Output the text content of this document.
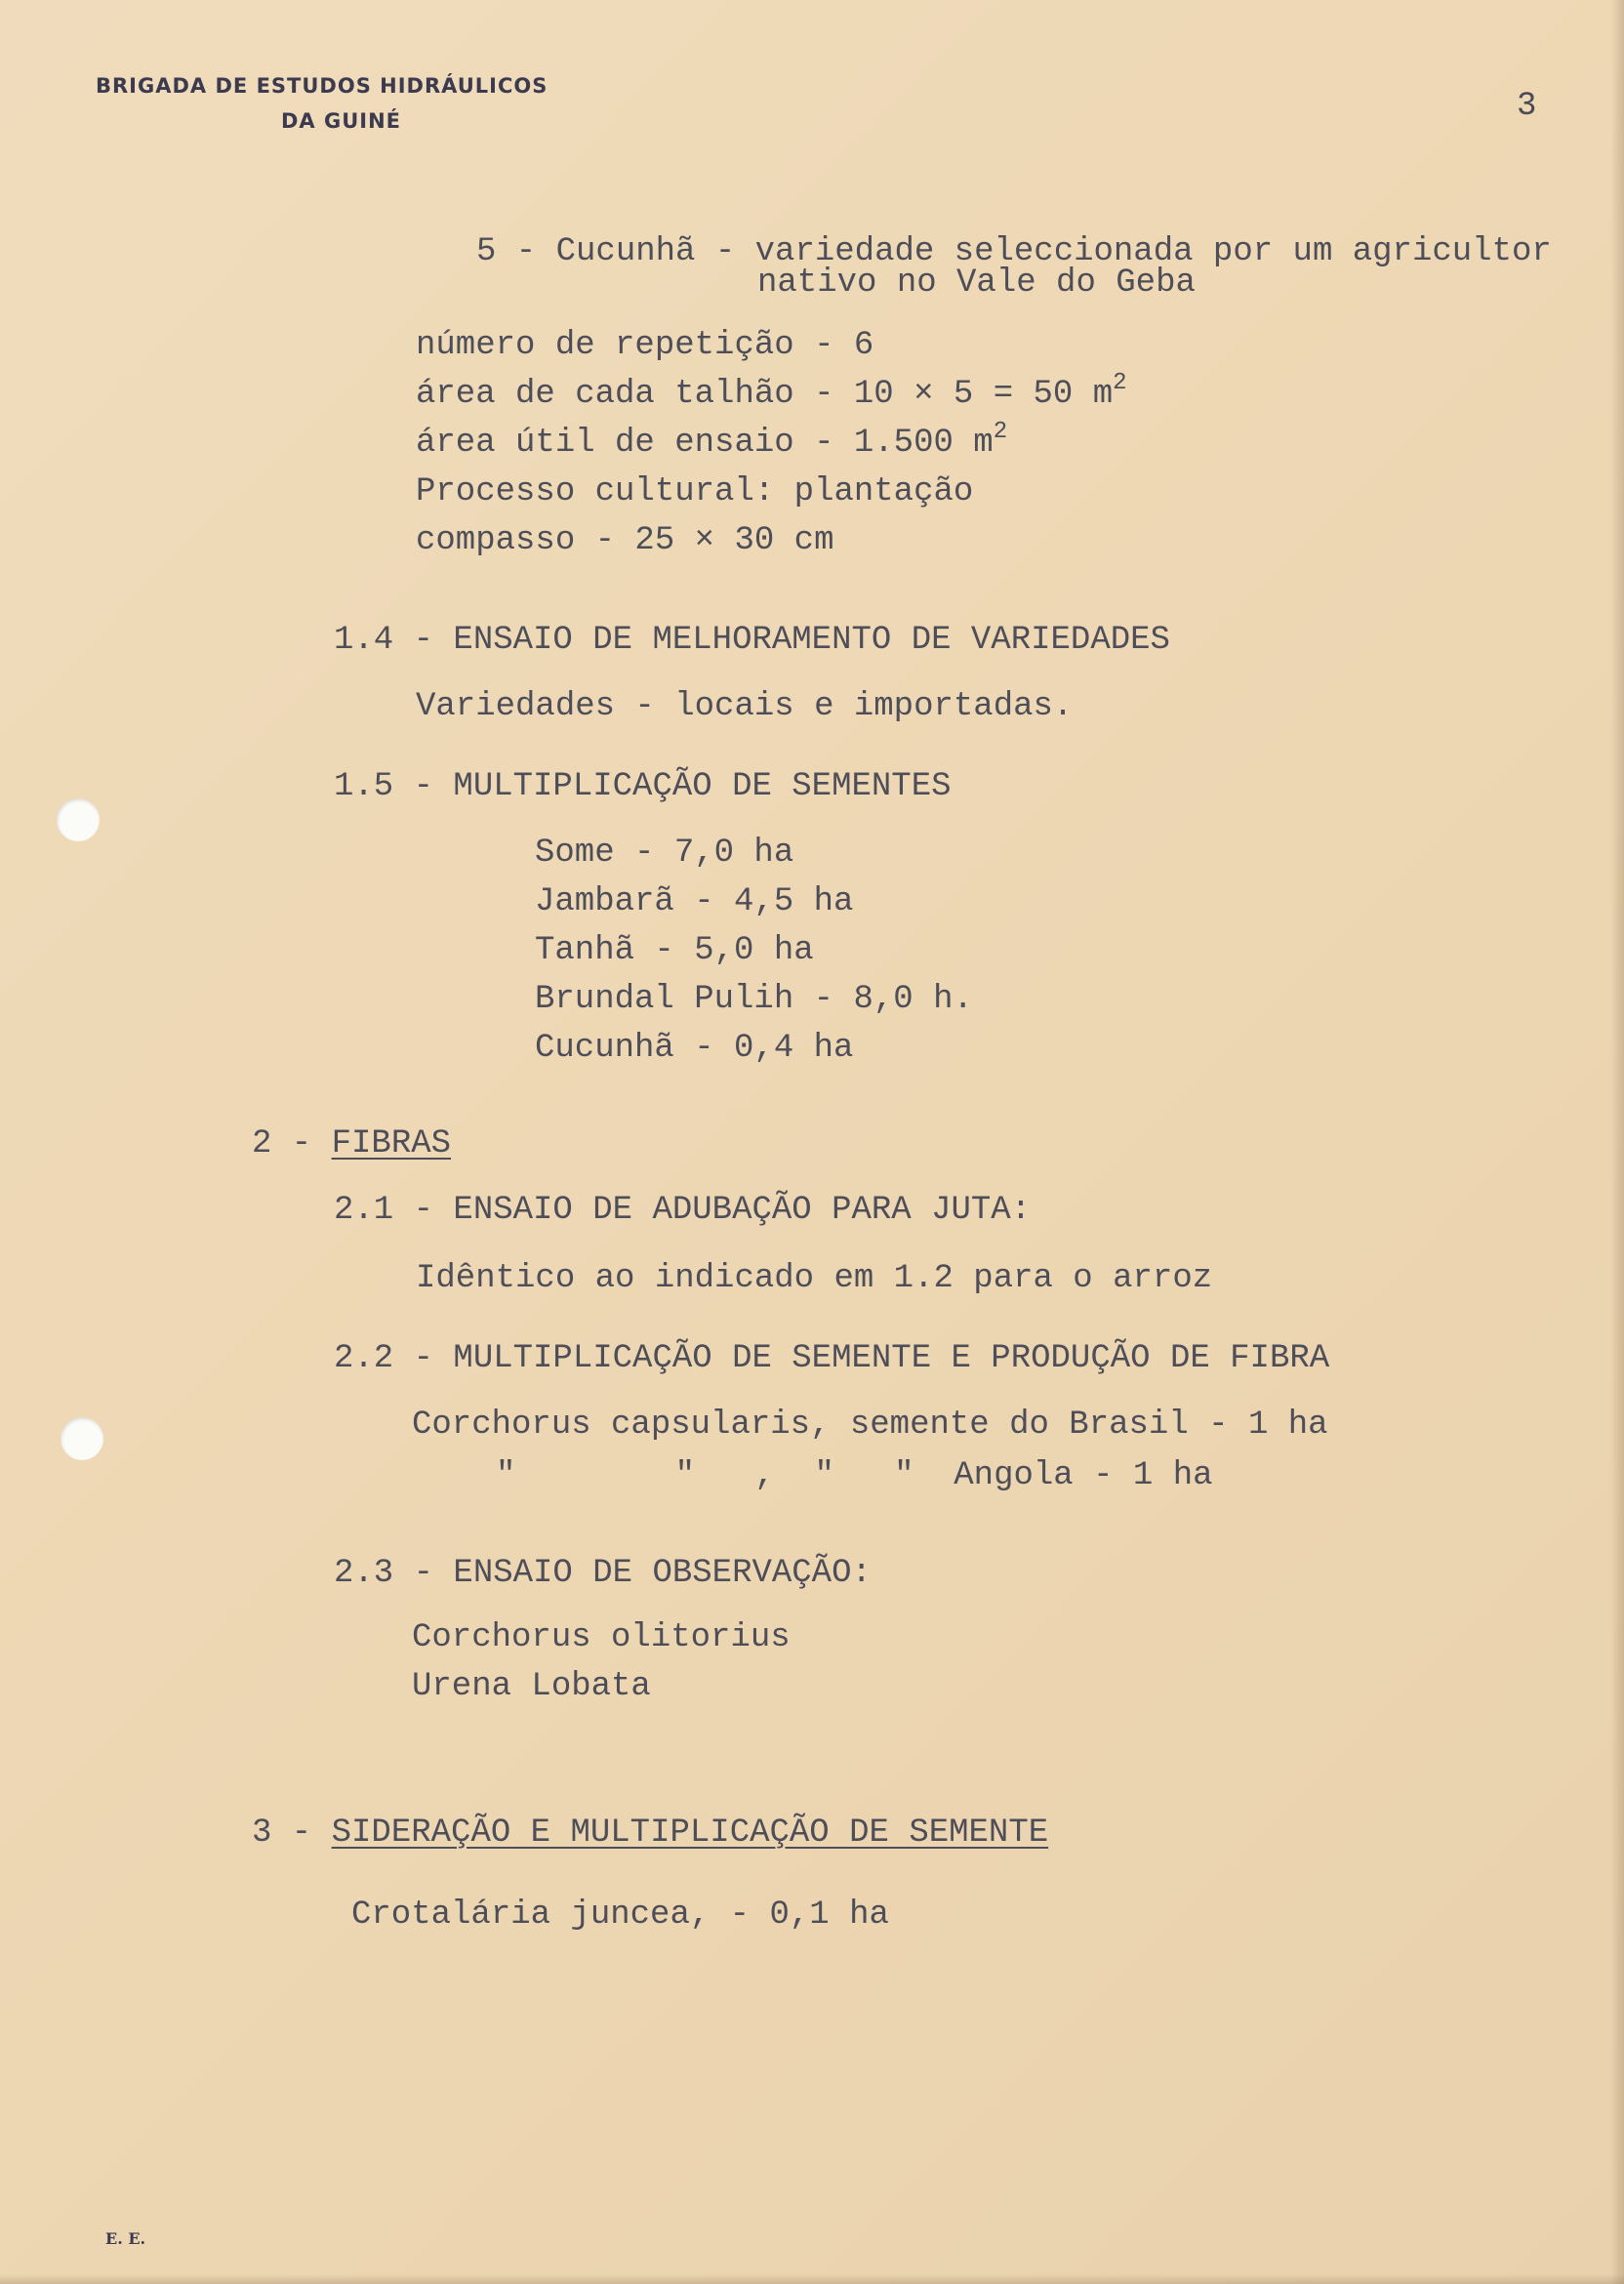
BRIGADA DE ESTUDOS HIDRÁULICOS
DA GUINÉ	3
5 - Cucunhã - variedade seleccionada por um agricultor
nativo no Vale do Geba
número de repetição - 6
área de cada talhão - 10 × 5 = 50 $m^2$
área útil de ensaio - 1.500 $m^2$
Processo cultural: plantação
compasso - 25 × 30 cm
1.4 - ENSAIO DE MELHORAMENTO DE VARIEDADES
Variedades - locais e importadas.
1.5 - MULTIPLICAÇÃO DE SEMENTES
Some - 7,0 ha
Jambarã - 4,5 ha
Tanhã - 5,0 ha
Brundal Pulih - 8,0 h.
Cucunhã - 0,4 ha
2 - FIBRAS
2.1 - ENSAIO DE ADUBAÇÃO PARA JUTA:
Idêntico ao indicado em 1.2 para o arroz
2.2 - MULTIPLICAÇÃO DE SEMENTE E PRODUÇÃO DE FIBRA
Corchorus capsularis, semente do Brasil - 1 ha
"        "   ,  "   "  Angola - 1 ha
2.3 - ENSAIO DE OBSERVAÇÃO:
Corchorus olitorius
Urena Lobata
3 - SIDERAÇÃO E MULTIPLICAÇÃO DE SEMENTE
Crotalária juncea, - 0,1 ha
E. E.
